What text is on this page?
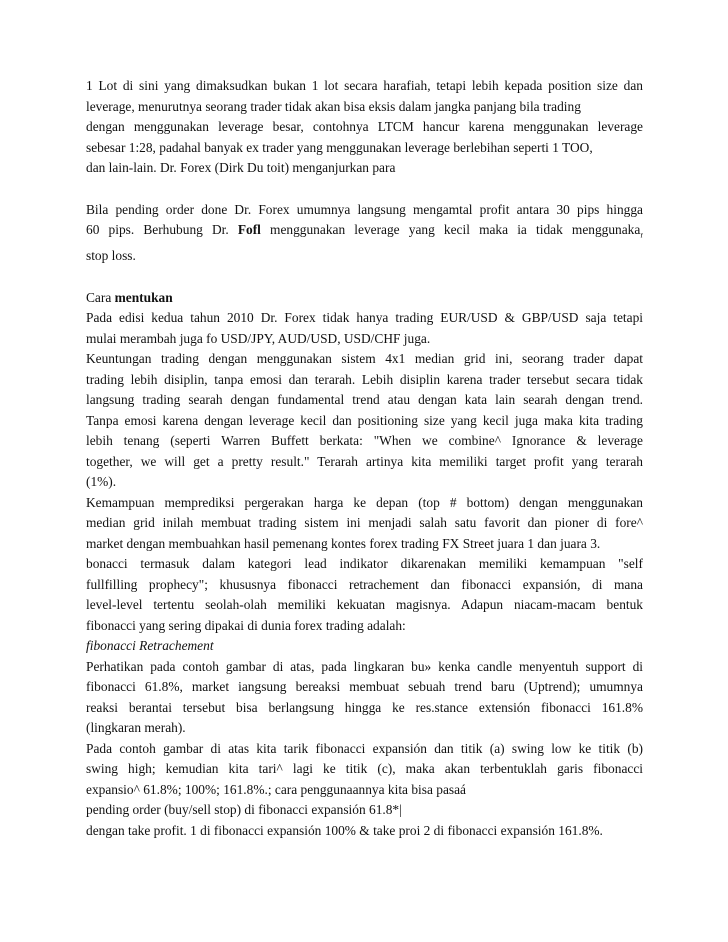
1 Lot di sini yang dimaksudkan bukan 1 lot secara harafiah, tetapi lebih kepada position size dan
leverage, menurutnya seorang trader tidak akan bisa eksis dalam jangka panjang bila trading
dengan menggunakan leverage besar, contohnya LTCM hancur karena menggunakan leverage
sebesar 1:28, padahal banyak ex trader yang menggunakan leverage berlebihan seperti 1 TOO,
dan lain-lain. Dr. Forex (Dirk Du toit) menganjurkan para
Bila pending order done Dr. Forex umumnya langsung mengamtal profit antara 30 pips hingga
60 pips. Berhubung Dr. Fofl menggunakan leverage yang kecil maka ia tidak menggunaka$_r$
stop loss.
Cara mentukan
Pada edisi kedua tahun 2010 Dr. Forex tidak hanya trading EUR/USD & GBP/USD saja tetapi
mulai merambah juga fo USD/JPY, AUD/USD, USD/CHF juga.
Keuntungan trading dengan menggunakan sistem 4x1 median grid ini, seorang trader dapat
trading lebih disiplin, tanpa emosi dan terarah. Lebih disiplin karena trader tersebut secara tidak
langsung trading searah dengan fundamental trend atau dengan kata lain searah dengan trend.
Tanpa emosi karena dengan leverage kecil dan positioning size yang kecil juga maka kita trading
lebih tenang (seperti Warren Buffett berkata: "When we combine^ Ignorance & leverage
together, we will get a pretty result." Terarah artinya kita memiliki target profit yang terarah
(1%).
Kemampuan memprediksi pergerakan harga ke depan (top # bottom) dengan menggunakan
median grid inilah membuat trading sistem ini menjadi salah satu favorit dan pioner di fore^
market dengan membuahkan hasil pemenang kontes forex trading FX Street juara 1 dan juara 3.
bonacci termasuk dalam kategori lead indikator dikarenakan memiliki kemampuan "self
fullfilling prophecy"; khususnya fibonacci retrachement dan fibonacci expansión, di mana
level-level tertentu seolah-olah memiliki kekuatan magisnya. Adapun niacam-macam bentuk
fibonacci yang sering dipakai di dunia forex trading adalah:
fibonacci Retrachement
Perhatikan pada contoh gambar di atas, pada lingkaran bu» kenka candle menyentuh support di
fibonacci 61.8%, market iangsung bereaksi membuat sebuah trend baru (Uptrend); umumnya
reaksi berantai tersebut bisa berlangsung hingga ke res.stance extensión fibonacci 161.8%
(lingkaran merah).
Pada contoh gambar di atas kita tarik fibonacci expansión dan titik (a) swing low ke titik (b)
swing high; kemudian kita tari^ lagi ke titik (c), maka akan terbentuklah garis fibonacci
expansio^ 61.8%; 100%; 161.8%.; cara penggunaannya kita bisa pasaá
pending order (buy/sell stop) di fibonacci expansión 61.8*|
dengan take profit. 1 di fibonacci expansión 100% & take proi 2 di fibonacci expansión 161.8%.
